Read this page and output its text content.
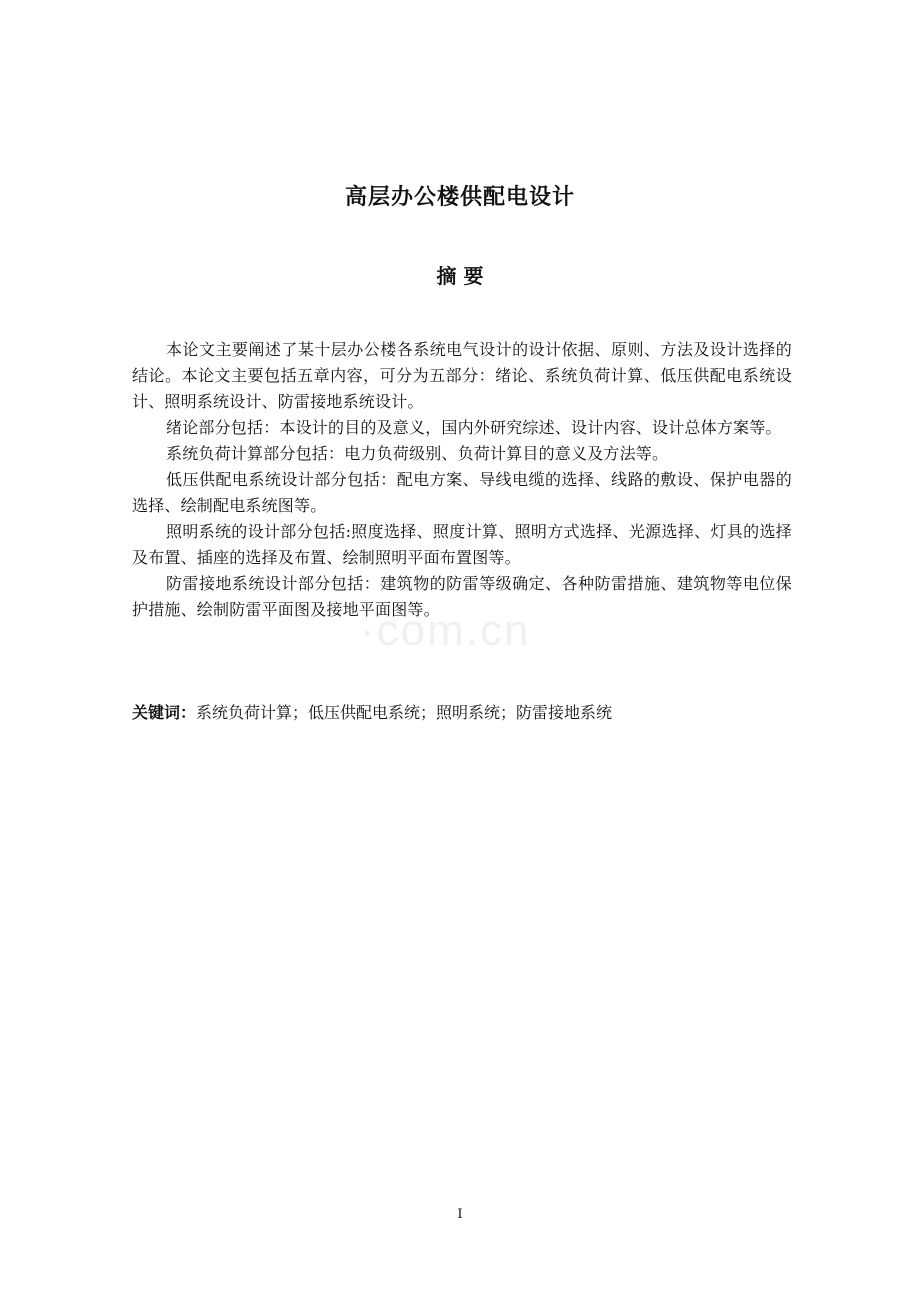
高层办公楼供配电设计
摘 要

本论文主要阐述了某十层办公楼各系统电气设计的设计依据、原则、方法及设计选择的结论。本论文主要包括五章内容，可分为五部分：绪论、系统负荷计算、低压供配电系统设计、照明系统设计、防雷接地系统设计。

绪论部分包括：本设计的目的及意义，国内外研究综述、设计内容、设计总体方案等。

系统负荷计算部分包括：电力负荷级别、负荷计算目的意义及方法等。

低压供配电系统设计部分包括：配电方案、导线电缆的选择、线路的敷设、保护电器的选择、绘制配电系统图等。

照明系统的设计部分包括:照度选择、照度计算、照明方式选择、光源选择、灯具的选择及布置、插座的选择及布置、绘制照明平面布置图等。

防雷接地系统设计部分包括：建筑物的防雷等级确定、各种防雷措施、建筑物等电位保护措施、绘制防雷平面图及接地平面图等。

关键词：系统负荷计算；低压供配电系统；照明系统；防雷接地系统

·com.cn
I
